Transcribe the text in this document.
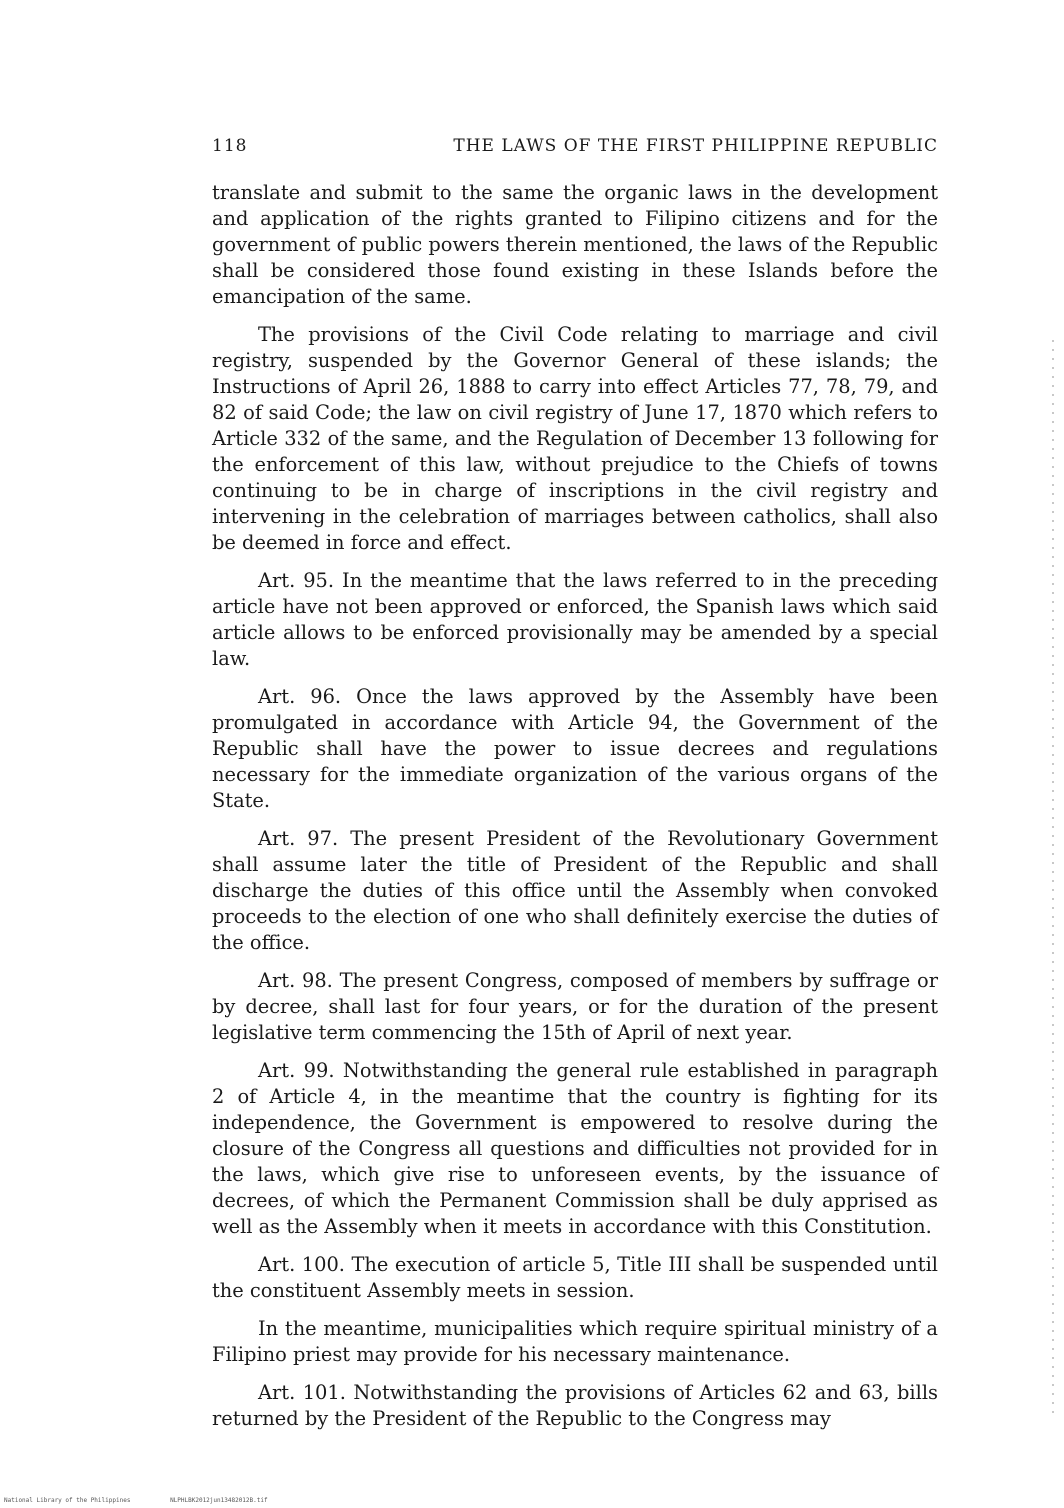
118	THE LAWS OF THE FIRST PHILIPPINE REPUBLIC

translate and submit to the same the organic laws in the development and application of the rights granted to Filipino citizens and for the government of public powers therein mentioned, the laws of the Republic shall be considered those found existing in these Islands before the emancipation of the same.

The provisions of the Civil Code relating to marriage and civil registry, suspended by the Governor General of these islands; the Instructions of April 26, 1888 to carry into effect Articles 77, 78, 79, and 82 of said Code; the law on civil registry of June 17, 1870 which refers to Article 332 of the same, and the Regulation of December 13 following for the enforcement of this law, without prejudice to the Chiefs of towns continuing to be in charge of inscriptions in the civil registry and intervening in the celebration of marriages between catholics, shall also be deemed in force and effect.

Art. 95. In the meantime that the laws referred to in the preceding article have not been approved or enforced, the Spanish laws which said article allows to be enforced provisionally may be amended by a special law.

Art. 96. Once the laws approved by the Assembly have been promulgated in accordance with Article 94, the Government of the Republic shall have the power to issue decrees and regulations necessary for the immediate organization of the various organs of the State.

Art. 97. The present President of the Revolutionary Government shall assume later the title of President of the Republic and shall discharge the duties of this office until the Assembly when convoked proceeds to the election of one who shall definitely exercise the duties of the office.

Art. 98. The present Congress, composed of members by suffrage or by decree, shall last for four years, or for the duration of the present legislative term commencing the 15th of April of next year.

Art. 99. Notwithstanding the general rule established in paragraph 2 of Article 4, in the meantime that the country is fighting for its independence, the Government is empowered to resolve during the closure of the Congress all questions and difficulties not provided for in the laws, which give rise to unforeseen events, by the issuance of decrees, of which the Permanent Commission shall be duly apprised as well as the Assembly when it meets in accordance with this Constitution.

Art. 100. The execution of article 5, Title III shall be suspended until the constituent Assembly meets in session.

In the meantime, municipalities which require spiritual ministry of a Filipino priest may provide for his necessary maintenance.

Art. 101. Notwithstanding the provisions of Articles 62 and 63, bills returned by the President of the Republic to the Congress may

National Library of the Philippines	NLPHLBK2012jun13482012B.tif
